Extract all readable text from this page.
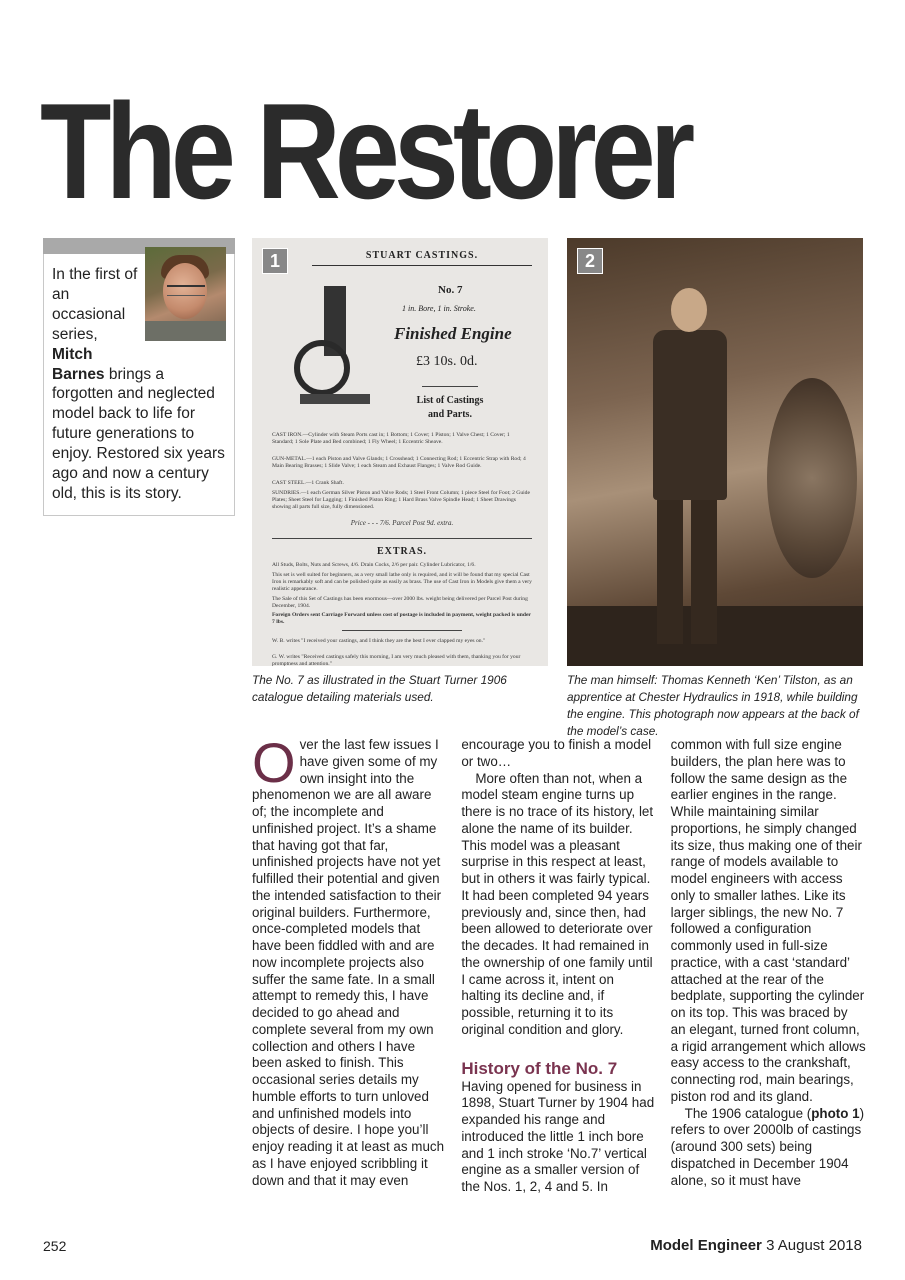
The Restorer

In the first of an occasional series, Mitch Barnes brings a forgotten and neglected model back to life for future generations to enjoy. Restored six years ago and now a century old, this is its story.

STUART CASTINGS.
No. 7
1 in. Bore, 1 in. Stroke.
Finished Engine
£3 10s. 0d.
List of Castings and Parts.
CAST IRON.—Cylinder with Steam Ports cast in; 1 Bottom; 1 Cover; 1 Piston; 1 Valve Chest; 1 Cover; 1 Standard; 1 Sole Plate and Bed combined; 1 Fly Wheel; 1 Eccentric Sheave.
GUN-METAL.—1 each Piston and Valve Glands; 1 Crosshead; 1 Connecting Rod; 1 Eccentric Strap with Rod; 4 Main Bearing Brasses; 1 Slide Valve; 1 each Steam and Exhaust Flanges; 1 Valve Rod Guide.
CAST STEEL.—1 Crank Shaft.
SUNDRIES.—1 each German Silver Piston and Valve Rods; 1 Steel Front Column; 1 piece Steel for Foot; 2 Guide Plates; Sheet Steel for Lagging; 1 Finished Piston Ring; 1 Hard Brass Valve Spindle Head; 1 Sheet Drawings showing all parts full size, fully dimensioned.
Price - - - 7/6. Parcel Post 9d. extra.
EXTRAS.
All Studs, Bolts, Nuts and Screws, 4/6. Drain Cocks, 2/6 per pair. Cylinder Lubricator, 1/6.
This set is well suited for beginners, as a very small lathe only is required, and it will be found that my special Cast Iron is remarkably soft and can be polished quite as easily as brass. The use of Cast Iron in Models give them a very realistic appearance.
The Sale of this Set of Castings has been enormous—over 2000 lbs. weight being delivered per Parcel Post during December, 1904.
Foreign Orders sent Carriage Forward unless cost of postage is included in payment, weight packed is under 7 lbs.
W. B. writes "I received your castings, and I think they are the best I ever clapped my eyes on."
G. W. writes "Received castings safely this morning, I am very much pleased with them, thanking you for your promptness and attention."
1	2

The No. 7 as illustrated in the Stuart Turner 1906 catalogue detailing materials used.

The man himself: Thomas Kenneth ‘Ken’ Tilston, as an apprentice at Chester Hydraulics in 1918, while building the engine. This photograph now appears at the back of the model’s case.

Over the last few issues I have given some of my own insight into the phenomenon we are all aware of; the incomplete and unfinished project. It’s a shame that having got that far, unfinished projects have not yet fulfilled their potential and given the intended satisfaction to their original builders. Furthermore, once-completed models that have been fiddled with and are now incomplete projects also suffer the same fate. In a small attempt to remedy this, I have decided to go ahead and complete several from my own collection and others I have been asked to finish. This occasional series details my humble efforts to turn unloved and unfinished models into objects of desire. I hope you’ll enjoy reading it at least as much as I have enjoyed scribbling it down and that it may even encourage you to finish a model or two…

More often than not, when a model steam engine turns up there is no trace of its history, let alone the name of its builder. This model was a pleasant surprise in this respect at least, but in others it was fairly typical. It had been completed 94 years previously and, since then, had been allowed to deteriorate over the decades. It had remained in the ownership of one family until I came across it, intent on halting its decline and, if possible, returning it to its original condition and glory.

History of the No. 7

Having opened for business in 1898, Stuart Turner by 1904 had expanded his range and introduced the little 1 inch bore and 1 inch stroke ‘No.7’ vertical engine as a smaller version of the Nos. 1, 2, 4 and 5. In common with full size engine builders, the plan here was to follow the same design as the earlier engines in the range. While maintaining similar proportions, he simply changed its size, thus making one of their range of models available to model engineers with access only to smaller lathes. Like its larger siblings, the new No. 7 followed a configuration commonly used in full-size practice, with a cast ‘standard’ attached at the rear of the bedplate, supporting the cylinder on its top. This was braced by an elegant, turned front column, a rigid arrangement which allows easy access to the crankshaft, connecting rod, main bearings, piston rod and its gland.

The 1906 catalogue (photo 1) refers to over 2000lb of castings (around 300 sets) being dispatched in December 1904 alone, so it must have

252	Model Engineer 3 August 2018
